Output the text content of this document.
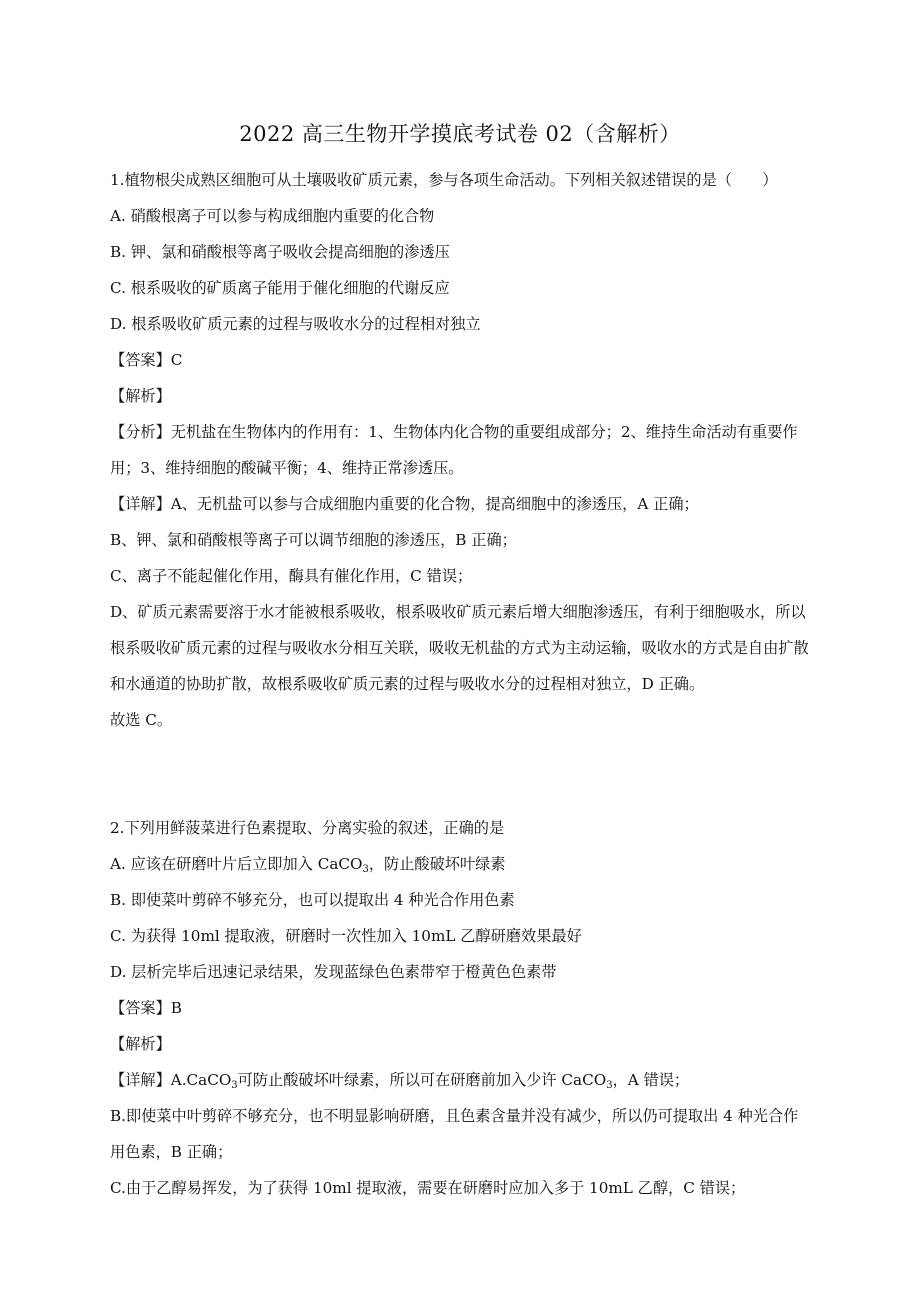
2022 高三生物开学摸底考试卷 02（含解析）

1.植物根尖成熟区细胞可从土壤吸收矿质元素，参与各项生命活动。下列相关叙述错误的是（　　）

A. 硝酸根离子可以参与构成细胞内重要的化合物

B. 钾、氯和硝酸根等离子吸收会提高细胞的渗透压

C. 根系吸收的矿质离子能用于催化细胞的代谢反应

D. 根系吸收矿质元素的过程与吸收水分的过程相对独立

【答案】C

【解析】

【分析】无机盐在生物体内的作用有：1、生物体内化合物的重要组成部分；2、维持生命活动有重要作用；3、维持细胞的酸碱平衡；4、维持正常渗透压。

【详解】A、无机盐可以参与合成细胞内重要的化合物，提高细胞中的渗透压，A 正确；

B、钾、氯和硝酸根等离子可以调节细胞的渗透压，B 正确；

C、离子不能起催化作用，酶具有催化作用，C 错误；

D、矿质元素需要溶于水才能被根系吸收，根系吸收矿质元素后增大细胞渗透压，有利于细胞吸水，所以根系吸收矿质元素的过程与吸收水分相互关联，吸收无机盐的方式为主动运输，吸收水的方式是自由扩散和水通道的协助扩散，故根系吸收矿质元素的过程与吸收水分的过程相对独立，D 正确。

故选 C。

2.下列用鲜菠菜进行色素提取、分离实验的叙述，正确的是

A. 应该在研磨叶片后立即加入 CaCO$_3$，防止酸破坏叶绿素

B. 即使菜叶剪碎不够充分，也可以提取出 4 种光合作用色素

C. 为获得 10ml 提取液，研磨时一次性加入 10mL 乙醇研磨效果最好

D. 层析完毕后迅速记录结果，发现蓝绿色色素带窄于橙黄色色素带

【答案】B

【解析】

【详解】A.CaCO$_3$可防止酸破坏叶绿素，所以可在研磨前加入少许 CaCO$_3$，A 错误；

B.即使菜中叶剪碎不够充分，也不明显影响研磨，且色素含量并没有减少，所以仍可提取出 4 种光合作用色素，B 正确；

C.由于乙醇易挥发，为了获得 10ml 提取液，需要在研磨时应加入多于 10mL 乙醇，C 错误；
